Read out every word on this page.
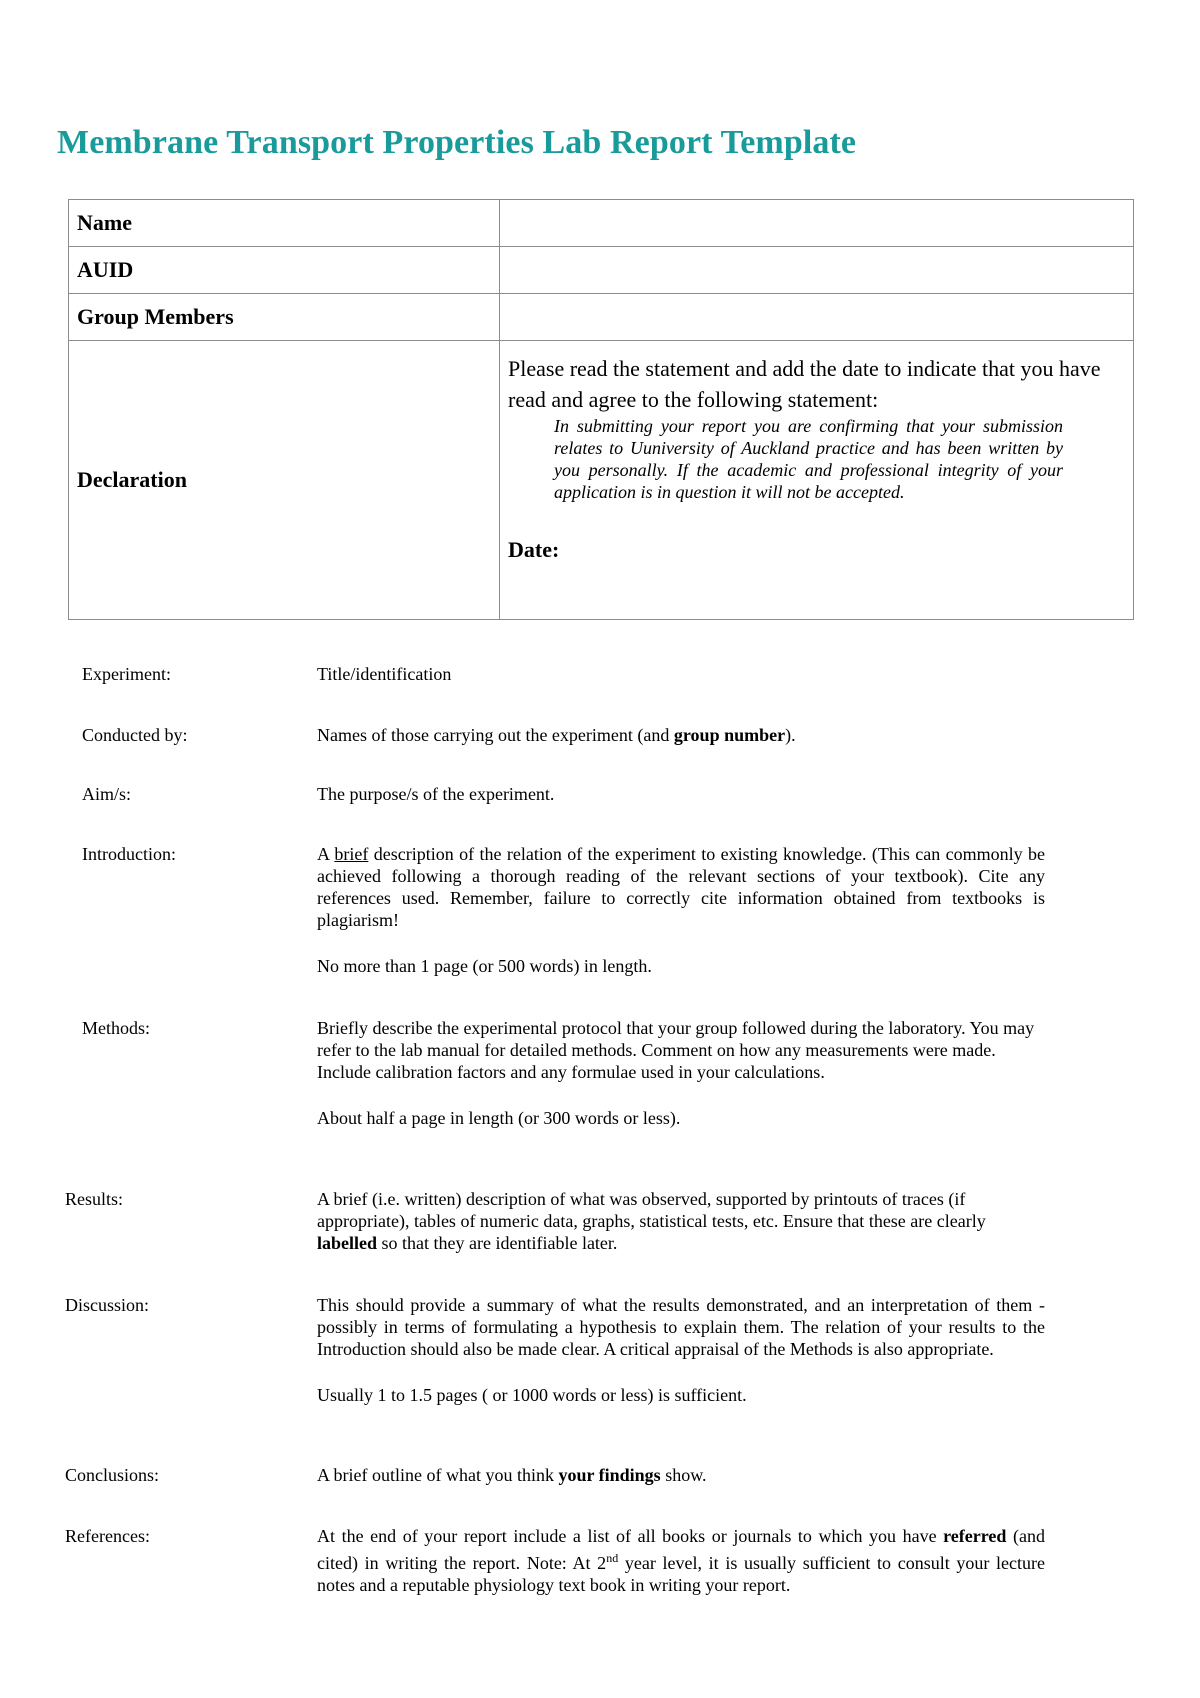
Membrane Transport Properties Lab Report Template
Name	
AUID	
Group Members	
Declaration	Please read the statement and add the date to indicate that you have read and agree to the following statement:
In submitting your report you are confirming that your submission relates to Uuniversity of Auckland practice and has been written by you personally. If the academic and professional integrity of your application is in question it will not be accepted.
Date:
Experiment:	Title/identification

Conducted by:	Names of those carrying out the experiment (and group number).

Aim/s:	The purpose/s of the experiment.

Introduction:	A brief description of the relation of the experiment to existing knowledge. (This can commonly be achieved following a thorough reading of the relevant sections of your textbook). Cite any references used. Remember, failure to correctly cite information obtained from textbooks is plagiarism!

No more than 1 page (or 500 words) in length.

Methods:	Briefly describe the experimental protocol that your group followed during the laboratory. You may refer to the lab manual for detailed methods. Comment on how any measurements were made. Include calibration factors and any formulae used in your calculations.

About half a page in length (or 300 words or less).

Results:	A brief (i.e. written) description of what was observed, supported by printouts of traces (if appropriate), tables of numeric data, graphs, statistical tests, etc. Ensure that these are clearly labelled so that they are identifiable later.

Discussion:	This should provide a summary of what the results demonstrated, and an interpretation of them - possibly in terms of formulating a hypothesis to explain them. The relation of your results to the Introduction should also be made clear. A critical appraisal of the Methods is also appropriate.

Usually 1 to 1.5 pages ( or 1000 words or less) is sufficient.

Conclusions:	A brief outline of what you think your findings show.

References:	At the end of your report include a list of all books or journals to which you have referred (and cited) in writing the report. Note: At 2nd year level, it is usually sufficient to consult your lecture notes and a reputable physiology text book in writing your report.
